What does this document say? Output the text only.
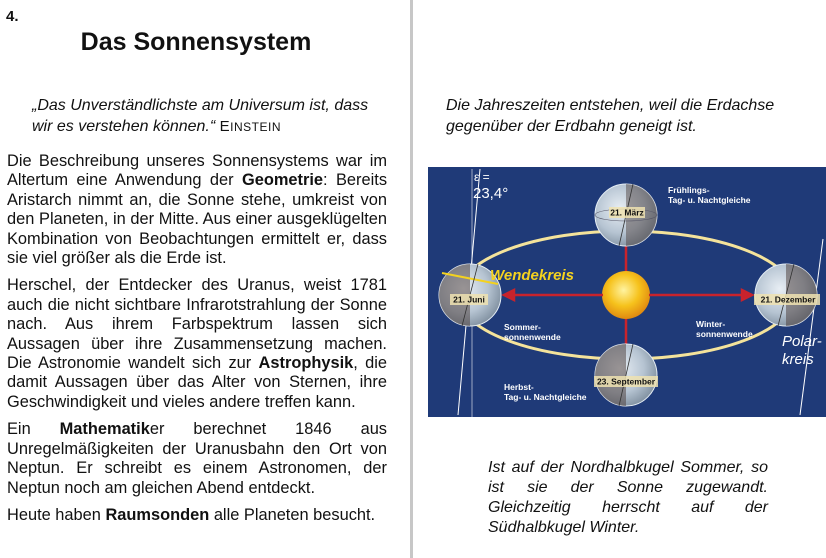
4.
Das Sonnensystem
„Das Unverständlichste am Universum ist, dass wir es verstehen können.“ EINSTEIN

Die Beschreibung unseres Sonnensystems war im Altertum eine Anwendung der Geometrie: Bereits Aristarch nimmt an, die Sonne stehe, umkreist von den Planeten, in der Mitte. Aus einer ausgeklügelten Kombination von Beobachtungen ermittelt er, dass sie viel größer als die Erde ist.

Herschel, der Entdecker des Uranus, weist 1781 auch die nicht sichtbare Infrarotstrahlung der Sonne nach. Aus ihrem Farbspektrum lassen sich Aussagen über ihre Zusammensetzung machen. Die Astronomie wandelt sich zur Astrophysik, die damit Aussagen über das Alter von Sternen, ihre Geschwindigkeit und vieles andere treffen kann.

Ein Mathematiker berechnet 1846 aus Unregelmäßigkeiten der Uranusbahn den Ort von Neptun. Er schreibt es einem Astronomen, der Neptun noch am gleichen Abend entdeckt.

Heute haben Raumsonden alle Planeten besucht.

Die Jahreszeiten entstehen, weil die Erdachse gegenüber der Erdbahn geneigt ist.
ε =
23,4°
21. März
21. Juni	21. Dezember
23. September
Frühlings- Tag- u. Nachtgleiche
Wendekreis
Sommer- sonnenwende
Winter- sonnenwende Polar- kreis
Herbst- Tag- u. Nachtgleiche
Ist auf der Nordhalbkugel Sommer, so ist sie der Sonne zugewandt. Gleichzeitig herrscht auf der Südhalbkugel Winter.
